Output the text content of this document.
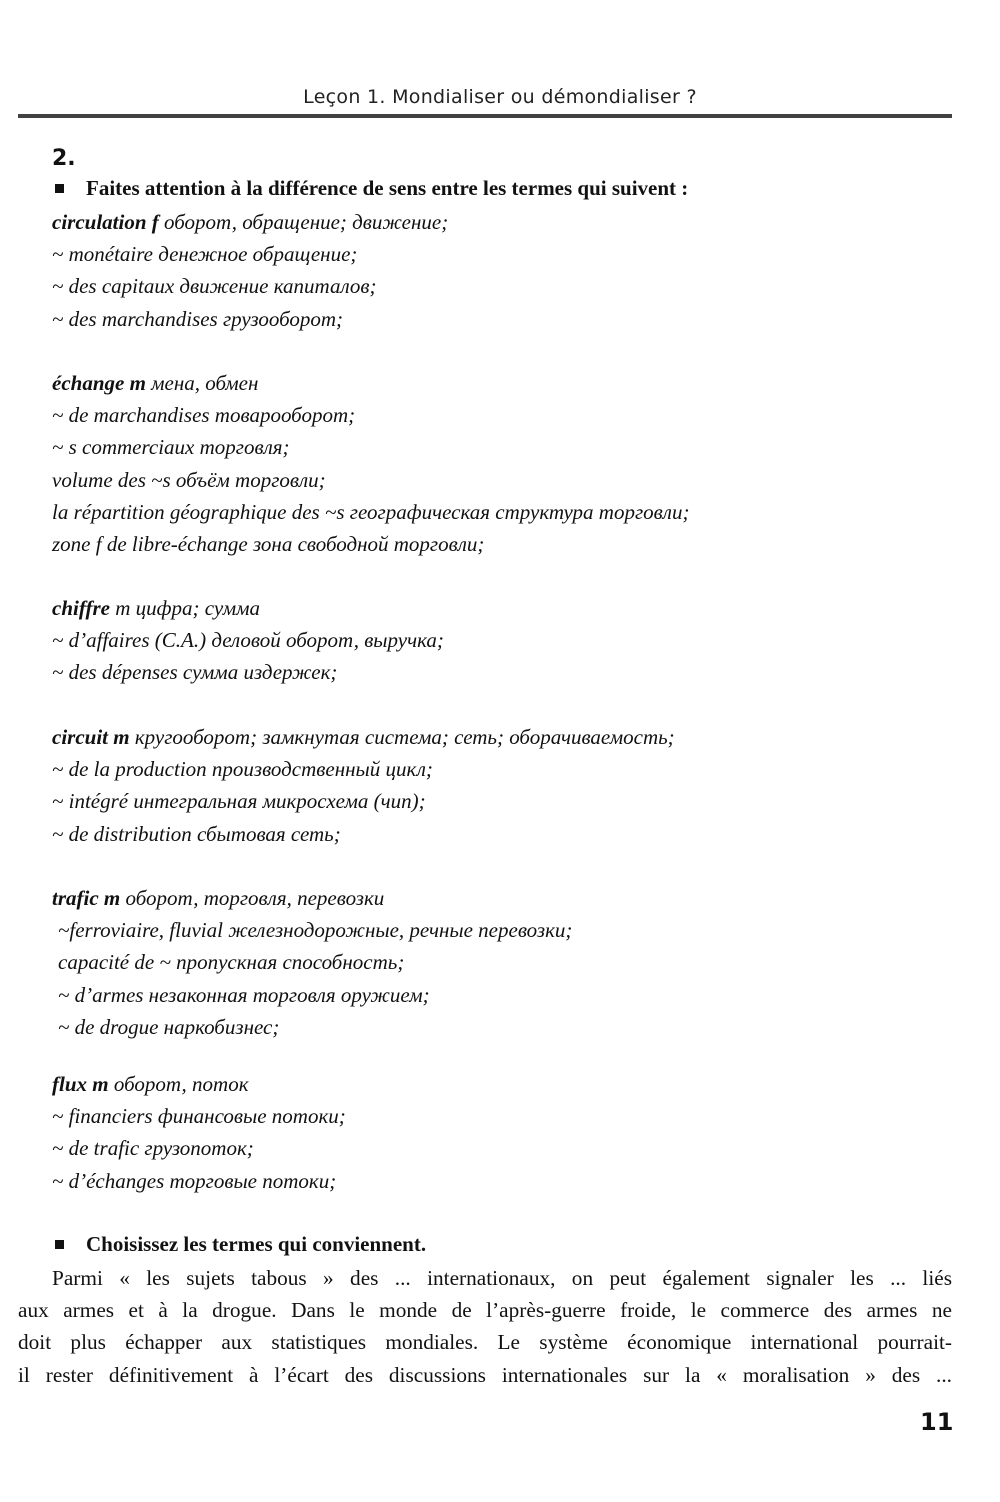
Leçon 1. Mondialiser ou démondialiser ?
2.
Faites attention à la différence de sens entre les termes qui suivent :
circulation f оборот, обращение; движение;
~ monétaire денежное обращение;
~ des capitaux движение капиталов;
~ des marchandises грузооборот;
échange m мена, обмен
~ de marchandises товарооборот;
~ s commerciaux торговля;
volume des ~s объём торговли;
la répartition géographique des ~s географическая структура торговли;
zone f de libre-échange зона свободной торговли;
chiffre m цифра; сумма
~ d’affaires (C.A.) деловой оборот, выручка;
~ des dépenses сумма издержек;
circuit m кругооборот; замкнутая система; сеть; оборачиваемость;
~ de la production производственный цикл;
~ intégré интегральная микросхема (чип);
~ de distribution сбытовая сеть;
trafic m оборот, торговля, перевозки
~ferroviaire, fluvial железнодорожные, речные перевозки;
capacité de ~ пропускная способность;
~ d’armes незаконная торговля оружием;
~ de drogue наркобизнес;
flux m оборот, поток
~ financiers финансовые потоки;
~ de trafic грузопоток;
~ d’échanges торговые потоки;
Choisissez les termes qui conviennent.
Parmi « les sujets tabous » des ... internationaux, on peut également signaler les ... liés
aux armes et à la drogue. Dans le monde de l’après-guerre froide, le commerce des armes ne
doit plus échapper aux statistiques mondiales. Le système économique international pourrait-
il rester définitivement à l’écart des discussions internationales sur la « moralisation » des ...
11
